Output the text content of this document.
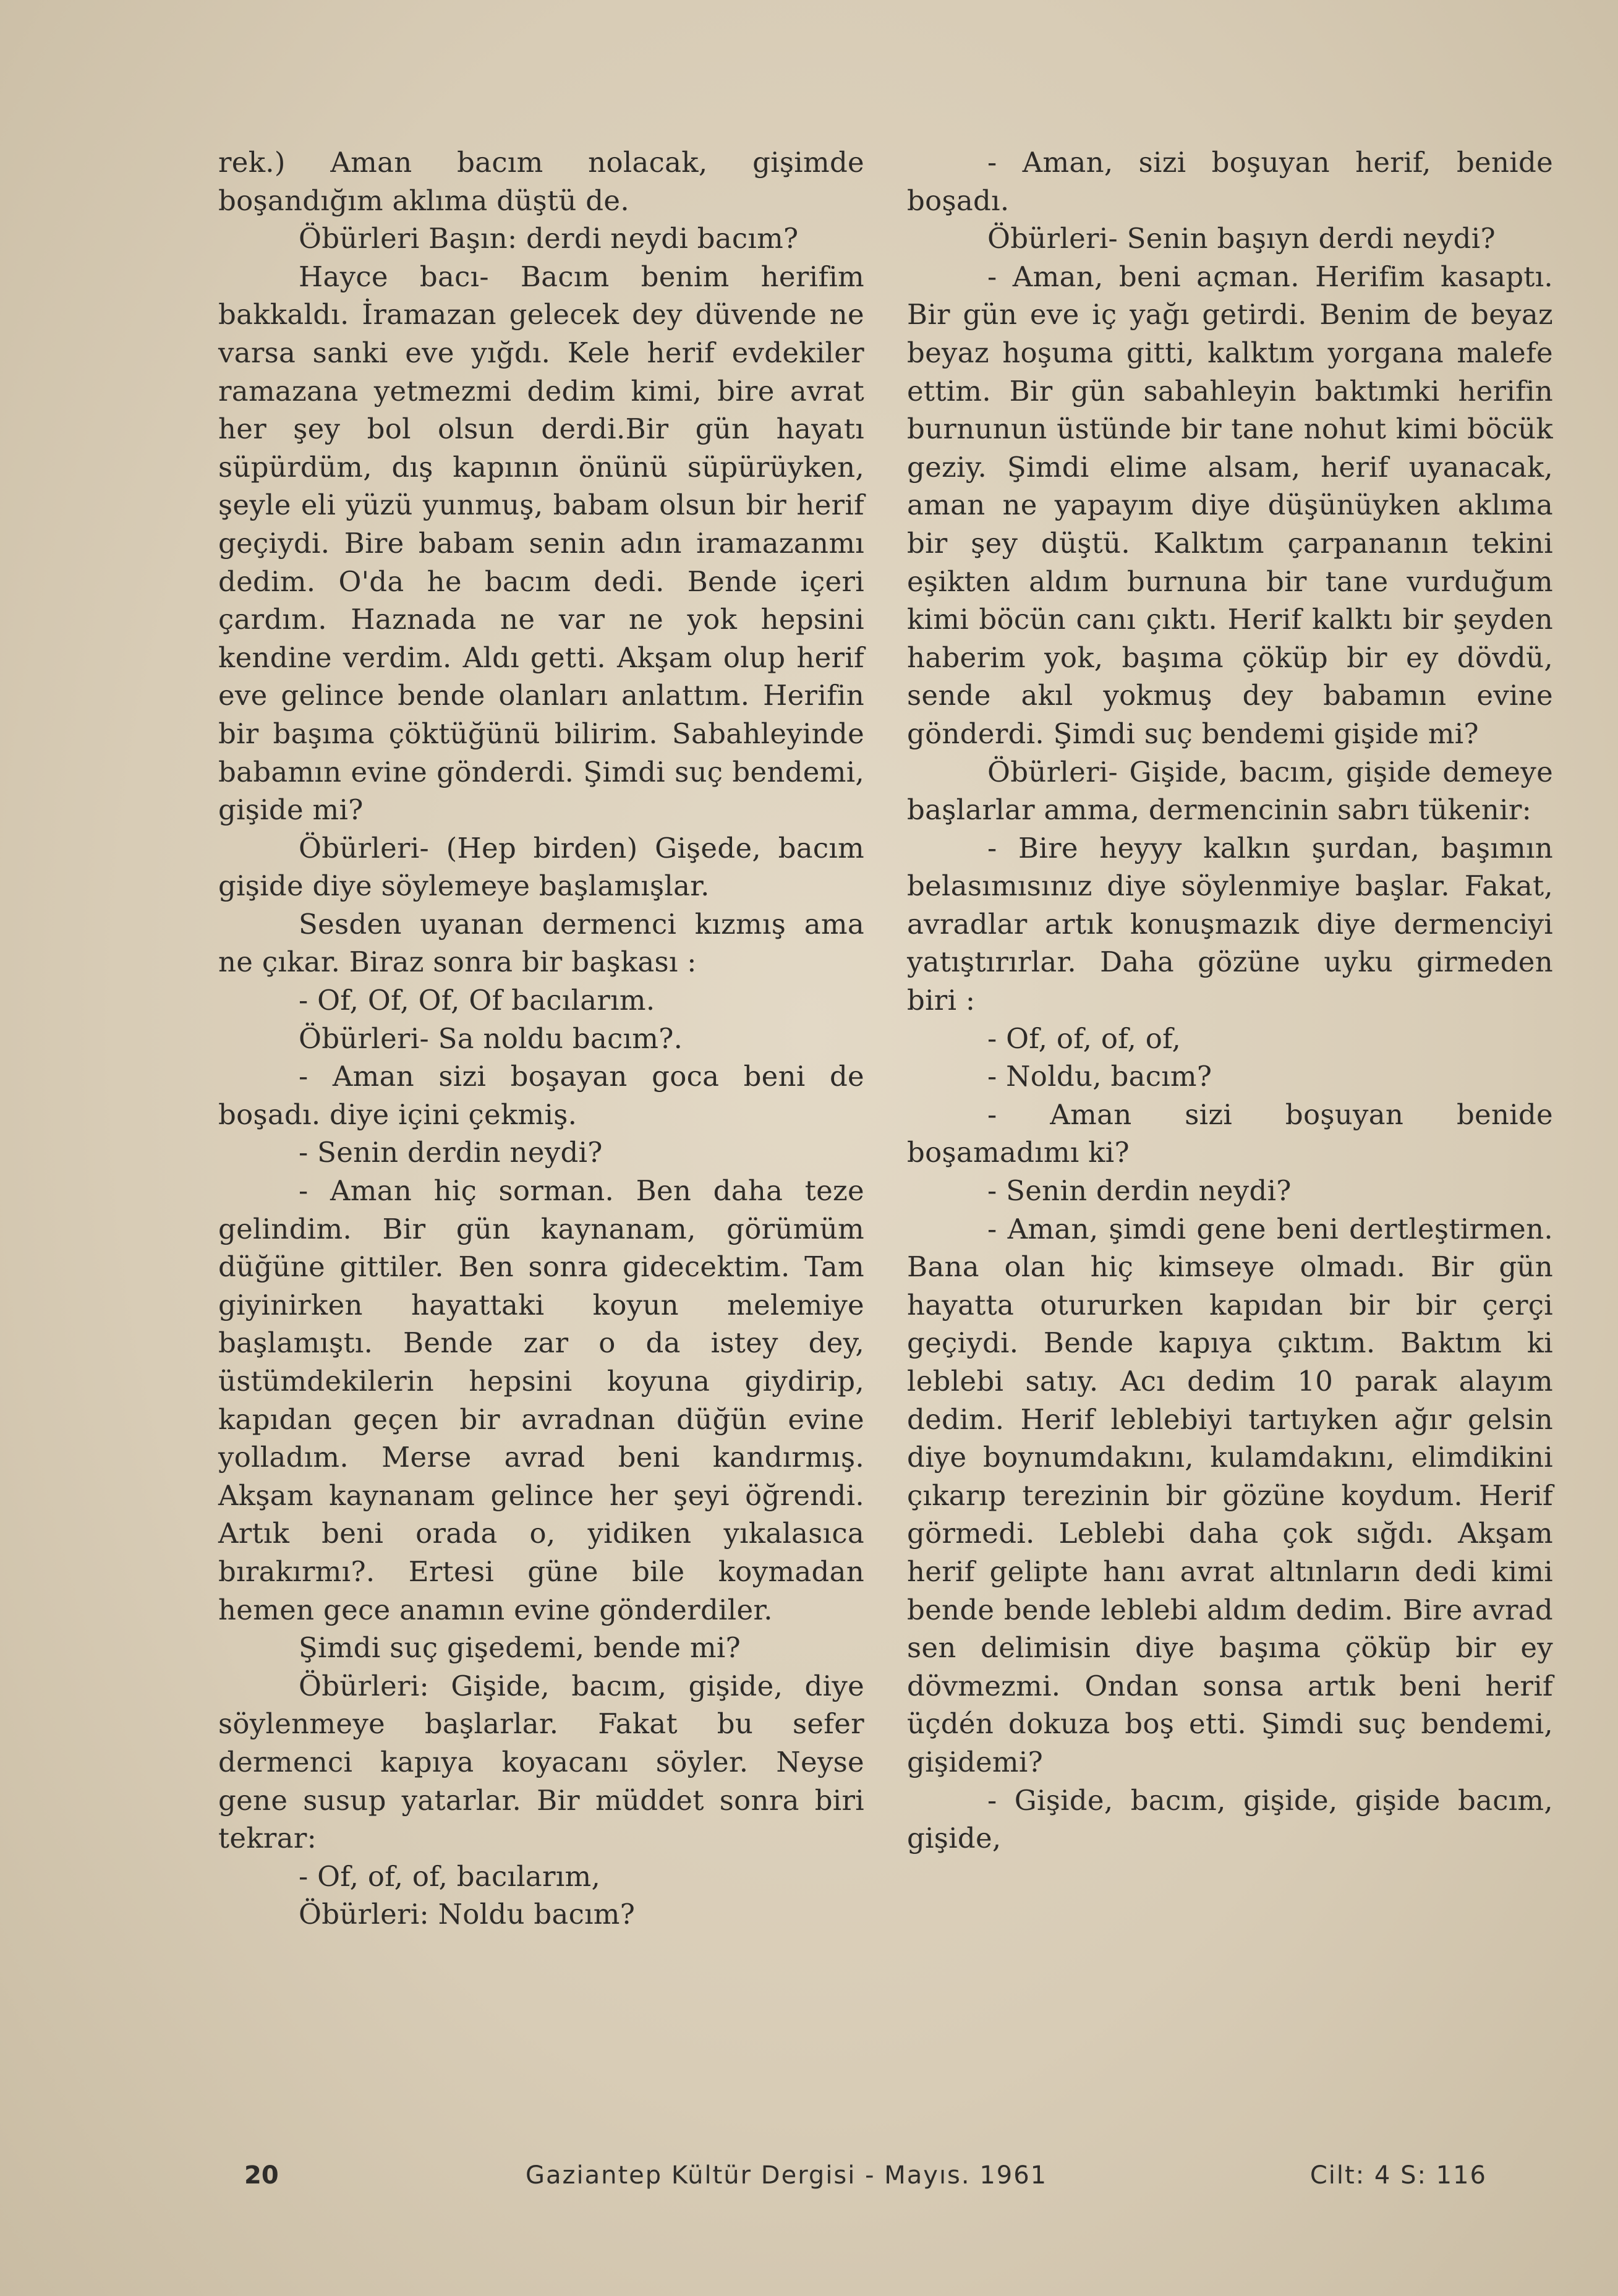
rek.) Aman bacım nolacak, gişimde boşandığım aklıma düştü de.

Öbürleri Başın: derdi neydi bacım?

Hayce bacı- Bacım benim herifim bakkaldı. İramazan gelecek dey düvende ne varsa sanki eve yığdı. Kele herif evdekiler ramazana yetmezmi dedim kimi, bire avrat her şey bol olsun derdi.Bir gün hayatı süpürdüm, dış kapının önünü süpürüyken, şeyle eli yüzü yunmuş, babam olsun bir herif geçiydi. Bire babam senin adın iramazanmı dedim. O'da he bacım dedi. Bende içeri çardım. Haznada ne var ne yok hepsini kendine verdim. Aldı getti. Akşam olup herif eve gelince bende olanları anlattım. Herifin bir başıma çöktüğünü bilirim. Sabahleyinde babamın evine gönderdi. Şimdi suç bendemi, gişide mi?

Öbürleri- (Hep birden) Gişede, bacım gişide diye söylemeye başlamışlar.

Sesden uyanan dermenci kızmış ama ne çıkar. Biraz sonra bir başkası :

- Of, Of, Of, Of bacılarım.

Öbürleri- Sa noldu bacım?.

- Aman sizi boşayan goca beni de boşadı. diye içini çekmiş.

- Senin derdin neydi?

- Aman hiç sorman. Ben daha teze gelindim. Bir gün kaynanam, görümüm düğüne gittiler. Ben sonra gidecektim. Tam giyinirken hayattaki koyun melemiye başlamıştı. Bende zar o da istey dey, üstümdekilerin hepsini koyuna giydirip, kapıdan geçen bir avradnan düğün evine yolladım. Merse avrad beni kandırmış. Akşam kaynanam gelince her şeyi öğrendi. Artık beni orada o, yidiken yıkalasıca bırakırmı?. Ertesi güne bile koymadan hemen gece anamın evine gönderdiler.

Şimdi suç gişedemi, bende mi?

Öbürleri: Gişide, bacım, gişide, diye söylenmeye başlarlar. Fakat bu sefer dermenci kapıya koyacanı söyler. Neyse gene susup yatarlar. Bir müddet sonra biri tekrar:

- Of, of, of, bacılarım,

Öbürleri: Noldu bacım?

- Aman, sizi boşuyan herif, benide boşadı.

Öbürleri- Senin başıyn derdi neydi?

- Aman, beni açman. Herifim kasaptı. Bir gün eve iç yağı getirdi. Benim de beyaz beyaz hoşuma gitti, kalktım yorgana malefe ettim. Bir gün sabahleyin baktımki herifin burnunun üstünde bir tane nohut kimi böcük geziy. Şimdi elime alsam, herif uyanacak, aman ne yapayım diye düşünüyken aklıma bir şey düştü. Kalktım çarpananın tekini eşikten aldım burnuna bir tane vurduğum kimi böcün canı çıktı. Herif kalktı bir şeyden haberim yok, başıma çöküp bir ey dövdü, sende akıl yokmuş dey babamın evine gönderdi. Şimdi suç bendemi gişide mi?

Öbürleri- Gişide, bacım, gişide demeye başlarlar amma, dermencinin sabrı tükenir:

- Bire heyyy kalkın şurdan, başımın belasımısınız diye söylenmiye başlar. Fakat, avradlar artık konuşmazık diye dermenciyi yatıştırırlar. Daha gözüne uyku girmeden biri :

- Of, of, of, of,

- Noldu, bacım?

- Aman sizi boşuyan benide boşamadımı ki?

- Senin derdin neydi?

- Aman, şimdi gene beni dertleştirmen. Bana olan hiç kimseye olmadı. Bir gün hayatta otururken kapıdan bir bir çerçi geçiydi. Bende kapıya çıktım. Baktım ki leblebi satıy. Acı dedim 10 parak alayım dedim. Herif leblebiyi tartıyken ağır gelsin diye boynumdakını, kulamdakını, elimdikini çıkarıp terezinin bir gözüne koydum. Herif görmedi. Leblebi daha çok sığdı. Akşam herif gelipte hanı avrat altınların dedi kimi bende bende leblebi aldım dedim. Bire avrad sen delimisin diye başıma çöküp bir ey dövmezmi. Ondan sonsa artık beni herif üçdén dokuza boş etti. Şimdi suç bendemi, gişidemi?

- Gişide, bacım, gişide, gişide bacım, gişide,

20	Gaziantep Kültür Dergisi - Mayıs. 1961	Cilt: 4 S: 116
